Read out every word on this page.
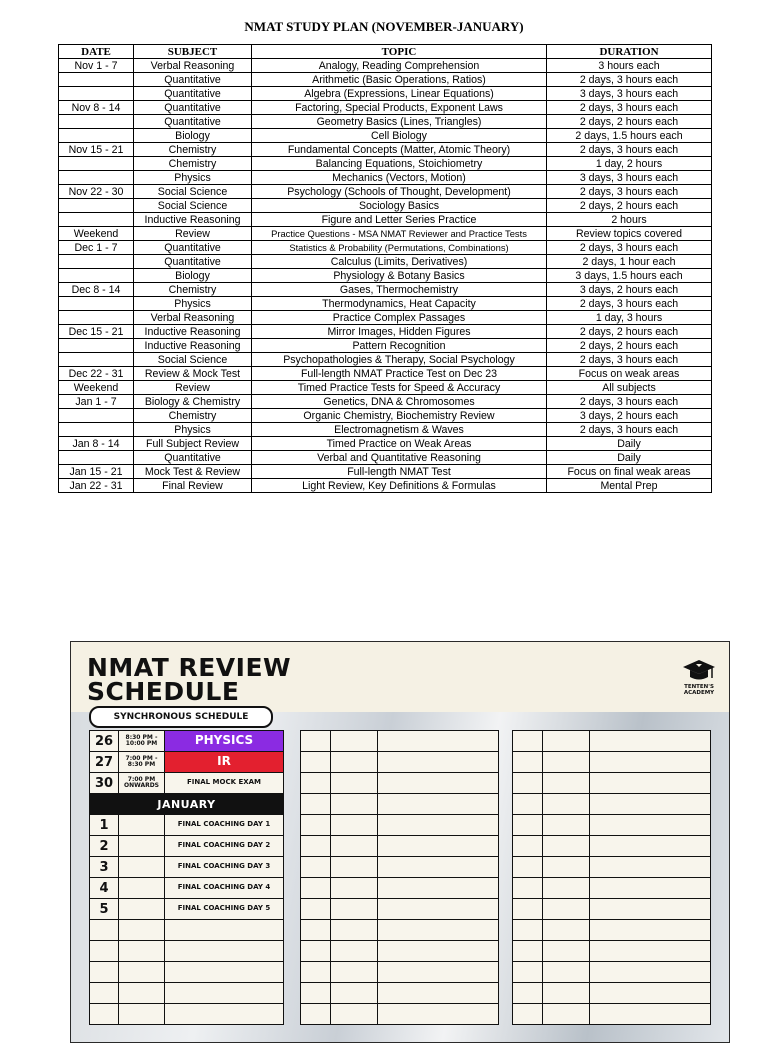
NMAT STUDY PLAN (NOVEMBER-JANUARY)
DATE	SUBJECT	TOPIC	DURATION
Nov 1 - 7	Verbal Reasoning	Analogy, Reading Comprehension	3 hours each
	Quantitative	Arithmetic (Basic Operations, Ratios)	2 days, 3 hours each
	Quantitative	Algebra (Expressions, Linear Equations)	3 days, 3 hours each
Nov 8 - 14	Quantitative	Factoring, Special Products, Exponent Laws	2 days, 3 hours each
	Quantitative	Geometry Basics (Lines, Triangles)	2 days, 2 hours each
	Biology	Cell Biology	2 days, 1.5 hours each
Nov 15 - 21	Chemistry	Fundamental Concepts (Matter, Atomic Theory)	2 days, 3 hours each
	Chemistry	Balancing Equations, Stoichiometry	1 day, 2 hours
	Physics	Mechanics (Vectors, Motion)	3 days, 3 hours each
Nov 22 - 30	Social Science	Psychology (Schools of Thought, Development)	2 days, 3 hours each
	Social Science	Sociology Basics	2 days, 2 hours each
	Inductive Reasoning	Figure and Letter Series Practice	2 hours
Weekend	Review	Practice Questions - MSA NMAT Reviewer and Practice Tests	Review topics covered
Dec 1 - 7	Quantitative	Statistics & Probability (Permutations, Combinations)	2 days, 3 hours each
	Quantitative	Calculus (Limits, Derivatives)	2 days, 1 hour each
	Biology	Physiology & Botany Basics	3 days, 1.5 hours each
Dec 8 - 14	Chemistry	Gases, Thermochemistry	3 days, 2 hours each
	Physics	Thermodynamics, Heat Capacity	2 days, 3 hours each
	Verbal Reasoning	Practice Complex Passages	1 day, 3 hours
Dec 15 - 21	Inductive Reasoning	Mirror Images, Hidden Figures	2 days, 2 hours each
	Inductive Reasoning	Pattern Recognition	2 days, 2 hours each
	Social Science	Psychopathologies & Therapy, Social Psychology	2 days, 3 hours each
Dec 22 - 31	Review & Mock Test	Full-length NMAT Practice Test on Dec 23	Focus on weak areas
Weekend	Review	Timed Practice Tests for Speed & Accuracy	All subjects
Jan 1 - 7	Biology & Chemistry	Genetics, DNA & Chromosomes	2 days, 3 hours each
	Chemistry	Organic Chemistry, Biochemistry Review	3 days, 2 hours each
	Physics	Electromagnetism & Waves	2 days, 3 hours each
Jan 8 - 14	Full Subject Review	Timed Practice on Weak Areas	Daily
	Quantitative	Verbal and Quantitative Reasoning	Daily
Jan 15 - 21	Mock Test & Review	Full-length NMAT Test	Focus on final weak areas
Jan 22 - 31	Final Review	Light Review, Key Definitions & Formulas	Mental Prep
NMAT REVIEW
SCHEDULE	TENTEN'S
ACADEMY
SYNCHRONOUS SCHEDULE
26	8:30 PM - 10:00 PM	PHYSICS
27	7:00 PM - 8:30 PM	IR
30	7:00 PM ONWARDS	FINAL MOCK EXAM
JANUARY		
1		FINAL COACHING DAY 1
2		FINAL COACHING DAY 2
3		FINAL COACHING DAY 3
4		FINAL COACHING DAY 4
5		FINAL COACHING DAY 5
